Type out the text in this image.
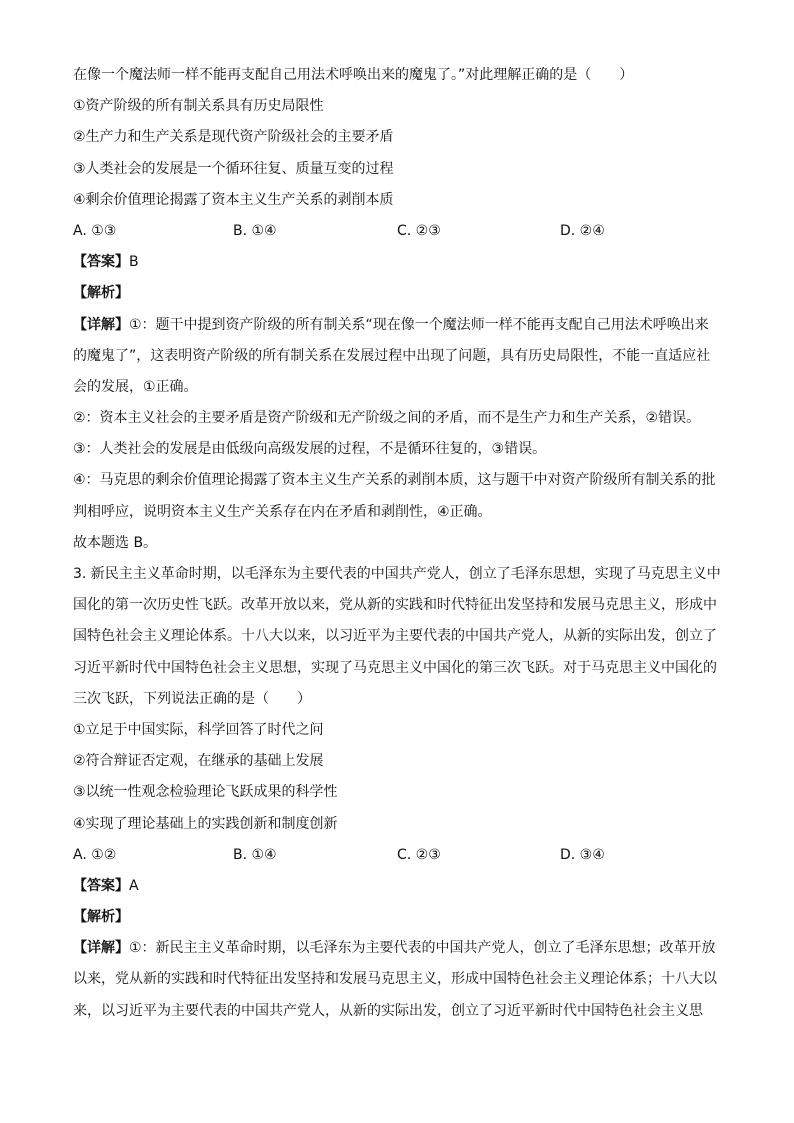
在像一个魔法师一样不能再支配自己用法术呼唤出来的魔鬼了。”对此理解正确的是（　　）
①资产阶级的所有制关系具有历史局限性
②生产力和生产关系是现代资产阶级社会的主要矛盾
③人类社会的发展是一个循环往复、质量互变的过程
④剩余价值理论揭露了资本主义生产关系的剥削本质
A. ①③	B. ①④	C. ②③	D. ②④
【答案】B
【解析】
【详解】①：题干中提到资产阶级的所有制关系“现在像一个魔法师一样不能再支配自己用法术呼唤出来
的魔鬼了”，这表明资产阶级的所有制关系在发展过程中出现了问题，具有历史局限性，不能一直适应社
会的发展，①正确。
②：资本主义社会的主要矛盾是资产阶级和无产阶级之间的矛盾，而不是生产力和生产关系，②错误。
③：人类社会的发展是由低级向高级发展的过程，不是循环往复的，③错误。
④：马克思的剩余价值理论揭露了资本主义生产关系的剥削本质，这与题干中对资产阶级所有制关系的批
判相呼应，说明资本主义生产关系存在内在矛盾和剥削性，④正确。
故本题选 B。
3. 新民主主义革命时期，以毛泽东为主要代表的中国共产党人，创立了毛泽东思想，实现了马克思主义中
国化的第一次历史性飞跃。改革开放以来，党从新的实践和时代特征出发坚持和发展马克思主义，形成中
国特色社会主义理论体系。十八大以来，以习近平为主要代表的中国共产党人，从新的实际出发，创立了
习近平新时代中国特色社会主义思想，实现了马克思主义中国化的第三次飞跃。对于马克思主义中国化的
三次飞跃，下列说法正确的是（　　）
①立足于中国实际，科学回答了时代之问
②符合辩证否定观，在继承的基础上发展
③以统一性观念检验理论飞跃成果的科学性
④实现了理论基础上的实践创新和制度创新
A. ①②	B. ①④	C. ②③	D. ③④
【答案】A
【解析】
【详解】①：新民主主义革命时期，以毛泽东为主要代表的中国共产党人，创立了毛泽东思想；改革开放
以来，党从新的实践和时代特征出发坚持和发展马克思主义，形成中国特色社会主义理论体系；十八大以
来，以习近平为主要代表的中国共产党人，从新的实际出发，创立了习近平新时代中国特色社会主义思
